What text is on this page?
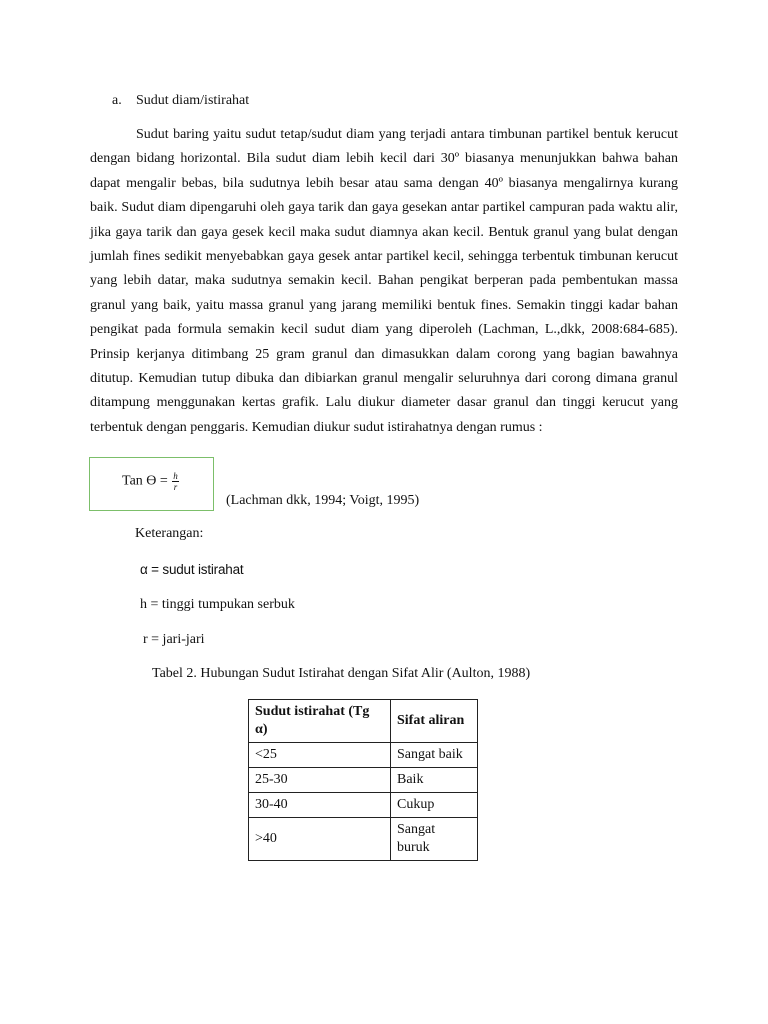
a. Sudut diam/istirahat

Sudut baring yaitu sudut tetap/sudut diam yang terjadi antara timbunan partikel bentuk kerucut dengan bidang horizontal. Bila sudut diam lebih kecil dari 30º biasanya menunjukkan bahwa bahan dapat mengalir bebas, bila sudutnya lebih besar atau sama dengan 40º biasanya mengalirnya kurang baik. Sudut diam dipengaruhi oleh gaya tarik dan gaya gesekan antar partikel campuran pada waktu alir, jika gaya tarik dan gaya gesek kecil maka sudut diamnya akan kecil. Bentuk granul yang bulat dengan jumlah fines sedikit menyebabkan gaya gesek antar partikel kecil, sehingga terbentuk timbunan kerucut yang lebih datar, maka sudutnya semakin kecil. Bahan pengikat berperan pada pembentukan massa granul yang baik, yaitu massa granul yang jarang memiliki bentuk fines. Semakin tinggi kadar bahan pengikat pada formula semakin kecil sudut diam yang diperoleh (Lachman, L.,dkk, 2008:684-685). Prinsip kerjanya ditimbang 25 gram granul dan dimasukkan dalam corong yang bagian bawahnya ditutup. Kemudian tutup dibuka dan dibiarkan granul mengalir seluruhnya dari corong dimana granul ditampung menggunakan kertas grafik. Lalu diukur diameter dasar granul dan tinggi kerucut yang terbentuk dengan penggaris. Kemudian diukur sudut istirahatnya dengan rumus :

Tan $ϴ = \frac{h}{r}$
(Lachman dkk, 1994; Voigt, 1995)
Keterangan:
α = sudut istirahat
h = tinggi tumpukan serbuk
r = jari-jari
Tabel 2. Hubungan Sudut Istirahat dengan Sifat Alir (Aulton, 1988)
Sudut istirahat (Tg α)	Sifat aliran
<25	Sangat baik
25-30	Baik
30-40	Cukup
>40	Sangat buruk
